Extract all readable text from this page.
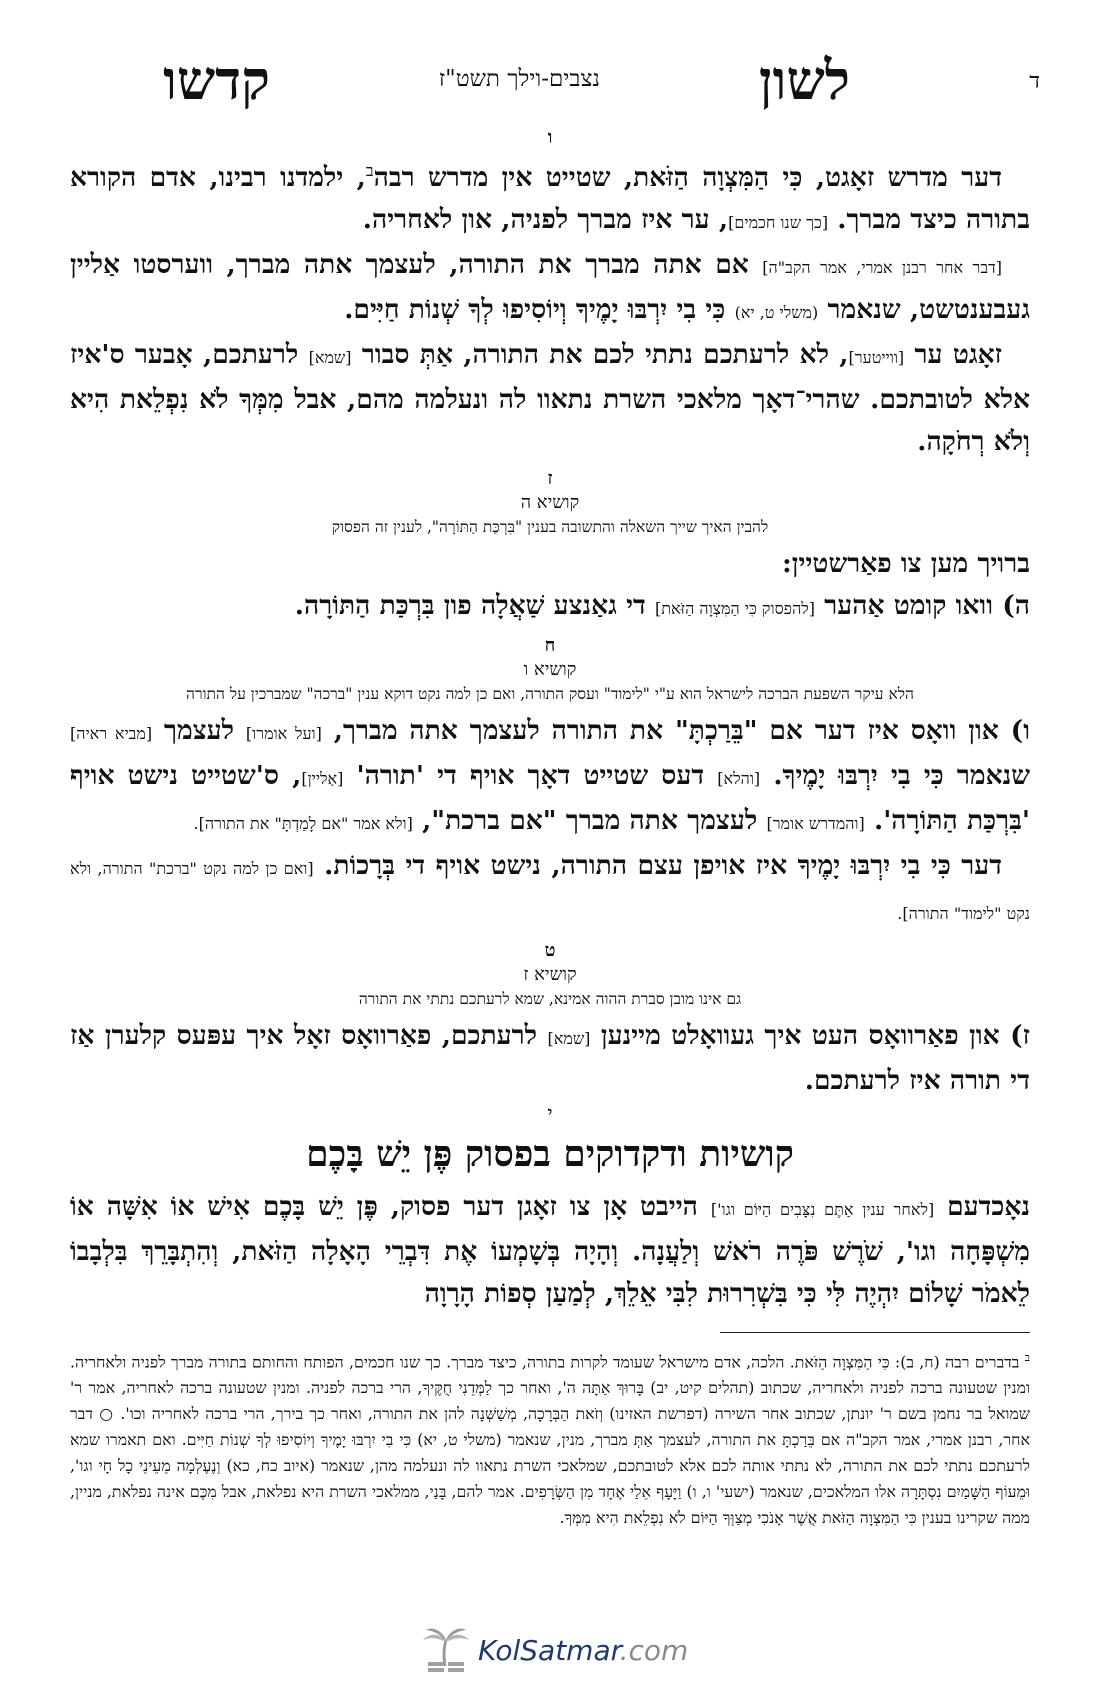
ד
לשון
נצבים-וילך תשט"ז
קדשו
ו

דער מדרש זאָגט, כִּי הַמִּצְוָה הַזֹּאת, שטייט אין מדרש רבה$^ב$, ילמדנו רבינו, אדם הקורא בתורה כיצד מברך. [כך שנו חכמים], ער איז מברך לפניה, און לאחריה.

[דבר אחר רבנן אמרי, אמר הקב"ה] אם אתה מברך את התורה, לעצמך אתה מברך, ווערסטו אַליין געבענטשט, שנאמר (משלי ט, יא) כִּי בִי יִרְבּוּ יָמֶיךָ וְיוֹסִיפוּ לְךָ שְׁנוֹת חַיִּים.

זאָגט ער [ווייטער], לא לרעתכם נתתי לכם את התורה, אַתְּ סבור [שמא] לרעתכם, אָבער ס'איז אלא לטובתכם. שהרי־דאָך מלאכי השרת נתאוו לה ונעלמה מהם, אבל מִמְּךָ לֹא נִפְלֵאת הִיא וְלֹא רְחֹקָה.

ז
קושיא ה
להבין האיך שייך השאלה והתשובה בענין "בִּרְכַּת הַתּוֹרָה", לענין זה הפסוק

ברויך מען צו פאַרשטיין:

ה) וואו קומט אַהער [להפסוק כִּי הַמִּצְוָה הַזֹּאת] די גאַנצע שַׁאֲלָה פון בִּרְכַּת הַתּוֹרָה.

ח
קושיא ו
הלא עיקר השפעת הברכה לישראל הוא ע"י "לימוד" ועסק התורה, ואם כן למה נקט דוקא ענין "ברכה" שמברכין על התורה

ו) און וואָס איז דער אם "בֵּרַכְתָּ" את התורה לעצמך אתה מברך, [ועל אומרו] לעצמך [מביא ראיה] שנאמר כִּי בִי יִרְבּוּ יָמֶיךָ. [והלא] דעס שטייט דאָך אויף די 'תורה' [אַליין], ס'שטייט נישט אויף 'בִּרְכַּת הַתּוֹרָה'. [והמדרש אומר] לעצמך אתה מברך "אם ברכת", [ולא אמר "אם לָמַדְתָּ" את התורה].

דער כִּי בִי יִרְבּוּ יָמֶיךָ איז אויפן עצם התורה, נישט אויף די בְּרָכוֹת. [ואם כן למה נקט "ברכת" התורה, ולא נקט "לימוד" התורה].

ט
קושיא ז
גם אינו מובן סברת ההוה אמינא, שמא לרעתכם נתתי את התורה

ז) און פאַרוואָס העט איך געוואָלט מיינען [שמא] לרעתכם, פאַרוואָס זאָל איך עפּעס קלערן אַז די תורה איז לרעתכם.

י
קושיות ודקדוקים בפסוק פֶּן יֵשׁ בָּכֶם

נאָכדעם [לאחר ענין אַתֶּם נִצָּבִים הַיּוֹם וגו'] הייבט אָן צו זאָגן דער פסוק, פֶּן יֵשׁ בָּכֶם אִישׁ אוֹ אִשָּׁה אוֹ מִשְׁפָּחָה וגו', שֹׁרֶשׁ פֹּרֶה רֹאשׁ וְלַעֲנָה. וְהָיָה בְּשָׁמְעוֹ אֶת דִּבְרֵי הָאָלָה הַזֹּאת, וְהִתְבָּרֵךְ בִּלְבָבוֹ לֵאמֹר שָׁלוֹם יִהְיֶה לִּי כִּי בִּשְׁרִרוּת לִבִּי אֵלֵךְ, לְמַעַן סְפוֹת הָרָוָה

$^ב$ בדברים רבה (ח, ב): כִּי הַמִּצְוָה הַזֹּאת. הלכה, אדם מישראל שעומד לקרות בתורה, כיצד מברך. כך שנו חכמים, הפותח והחותם בתורה מברך לפניה ולאחריה. ומנין שטעונה ברכה לפניה ולאחריה, שכתוב (תהלים קיט, יב) בָּרוּךְ אַתָּה ה', ואחר כך לַמְּדֵנִי חֻקֶּיךָ, הרי ברכה לפניה. ומנין שטעונה ברכה לאחריה, אמר ר' שמואל בר נחמן בשם ר' יונתן, שכתוב אחר השירה (דפרשת האזינו) וְזֹאת הַבְּרָכָה, מְשַׁשְּׁנָה להן את התורה, ואחר כך בירך, הרי ברכה לאחריה וכו'. ○ דבר אחר, רבנן אמרי, אמר הקב"ה אם בֵּרַכְתָּ את התורה, לעצמך אַתְּ מברך, מנין, שנאמר (משלי ט, יא) כִּי בִי יִרְבּוּ יָמֶיךָ וְיוֹסִיפוּ לְךָ שְׁנוֹת חַיִּים. ואם תאמרו שמא לרעתכם נתתי לכם את התורה, לא נתתי אותה לכם אלא לטובתכם, שמלאכי השרת נתאוו לה ונעלמה מהן, שנאמר (איוב כח, כא) וְנֶעֶלְמָה מֵעֵינֵי כָל חָי וגו', וּמֵעוֹף הַשָּׁמַיִם נִסְתָּרָה אלו המלאכים, שנאמר (ישעי' ו, ו) וַיָּעָף אֵלַי אֶחָד מִן הַשְּׂרָפִים. אמר להם, בָּנַי, ממלאכי השרת היא נפלאת, אבל מִכֶּם אינה נפלאת, מניין, ממה שקרינו בענין כִּי הַמִּצְוָה הַזֹּאת אֲשֶׁר אָנֹכִי מְצַוְּךָ הַיּוֹם לֹא נִפְלֵאת הִיא מִמְּךָ.
KolSatmar.com
